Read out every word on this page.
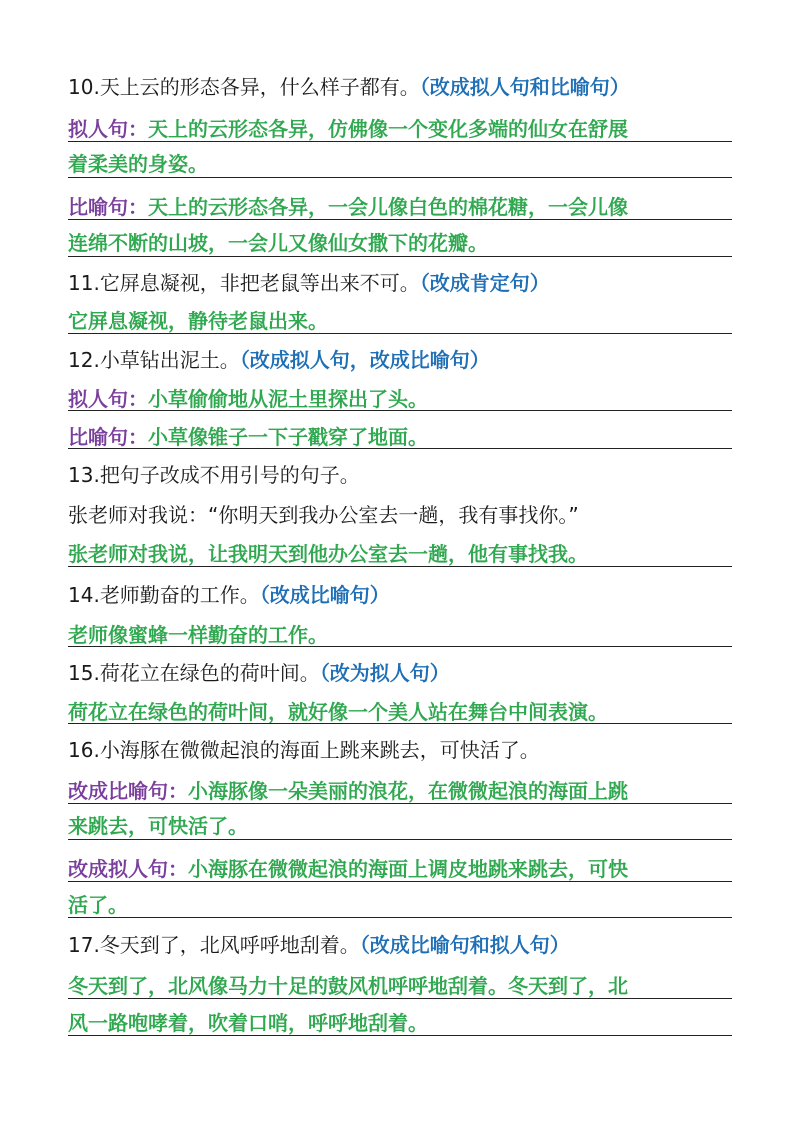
10.天上云的形态各异，什么样子都有。（改成拟人句和比喻句）
拟人句：天上的云形态各异，仿佛像一个变化多端的仙女在舒展
着柔美的身姿。
比喻句：天上的云形态各异，一会儿像白色的棉花糖，一会儿像
连绵不断的山坡，一会儿又像仙女撒下的花瓣。
11.它屏息凝视，非把老鼠等出来不可。（改成肯定句）
它屏息凝视，静待老鼠出来。
12.小草钻出泥土。（改成拟人句，改成比喻句）
拟人句：小草偷偷地从泥土里探出了头。
比喻句：小草像锥子一下子戳穿了地面。
13.把句子改成不用引号的句子。
张老师对我说：“你明天到我办公室去一趟，我有事找你。”
张老师对我说，让我明天到他办公室去一趟，他有事找我。
14.老师勤奋的工作。（改成比喻句）
老师像蜜蜂一样勤奋的工作。
15.荷花立在绿色的荷叶间。（改为拟人句）
荷花立在绿色的荷叶间，就好像一个美人站在舞台中间表演。
16.小海豚在微微起浪的海面上跳来跳去，可快活了。
改成比喻句：小海豚像一朵美丽的浪花，在微微起浪的海面上跳
来跳去，可快活了。
改成拟人句：小海豚在微微起浪的海面上调皮地跳来跳去，可快
活了。
17.冬天到了，北风呼呼地刮着。（改成比喻句和拟人句）
冬天到了，北风像马力十足的鼓风机呼呼地刮着。冬天到了，北
风一路咆哮着，吹着口哨，呼呼地刮着。
